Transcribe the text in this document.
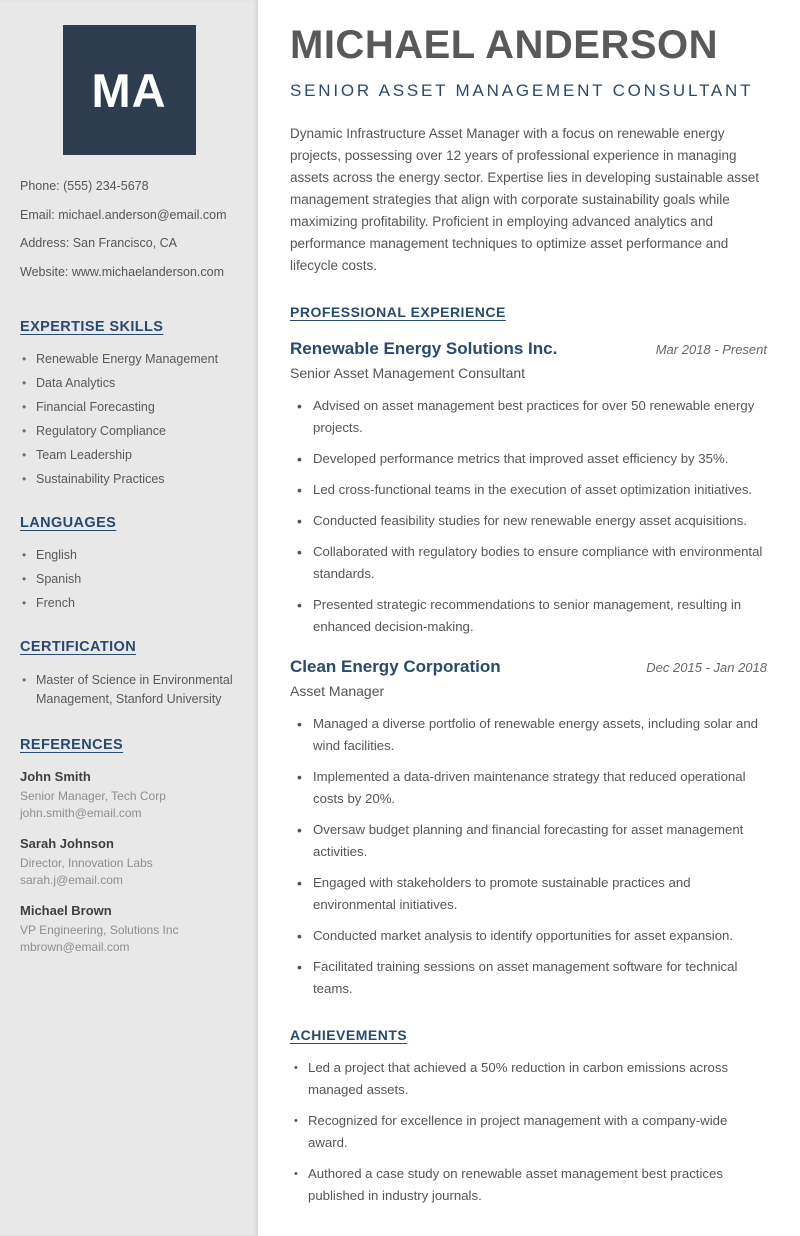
MA

Phone: (555) 234-5678

Email: michael.anderson@email.com

Address: San Francisco, CA

Website: www.michaelanderson.com

EXPERTISE SKILLS
• Renewable Energy Management
• Data Analytics
• Financial Forecasting
• Regulatory Compliance
• Team Leadership
• Sustainability Practices
LANGUAGES
• English
• Spanish
• French
CERTIFICATION
• Master of Science in Environmental Management, Stanford University
REFERENCES

John Smith

Senior Manager, Tech Corp

john.smith@email.com

Sarah Johnson

Director, Innovation Labs

sarah.j@email.com

Michael Brown

VP Engineering, Solutions Inc

mbrown@email.com

MICHAEL ANDERSON
SENIOR ASSET MANAGEMENT CONSULTANT

Dynamic Infrastructure Asset Manager with a focus on renewable energy projects, possessing over 12 years of professional experience in managing assets across the energy sector. Expertise lies in developing sustainable asset management strategies that align with corporate sustainability goals while maximizing profitability. Proficient in employing advanced analytics and performance management techniques to optimize asset performance and lifecycle costs.

PROFESSIONAL EXPERIENCE
Renewable Energy Solutions Inc.	Mar 2018 - Present

Senior Asset Management Consultant

• Advised on asset management best practices for over 50 renewable energy projects.
• Developed performance metrics that improved asset efficiency by 35%.
• Led cross-functional teams in the execution of asset optimization initiatives.
• Conducted feasibility studies for new renewable energy asset acquisitions.
• Collaborated with regulatory bodies to ensure compliance with environmental standards.
• Presented strategic recommendations to senior management, resulting in enhanced decision-making.
Clean Energy Corporation	Dec 2015 - Jan 2018

Asset Manager

• Managed a diverse portfolio of renewable energy assets, including solar and wind facilities.
• Implemented a data-driven maintenance strategy that reduced operational costs by 20%.
• Oversaw budget planning and financial forecasting for asset management activities.
• Engaged with stakeholders to promote sustainable practices and environmental initiatives.
• Conducted market analysis to identify opportunities for asset expansion.
• Facilitated training sessions on asset management software for technical teams.
ACHIEVEMENTS
• Led a project that achieved a 50% reduction in carbon emissions across managed assets.
• Recognized for excellence in project management with a company-wide award.
• Authored a case study on renewable asset management best practices published in industry journals.
